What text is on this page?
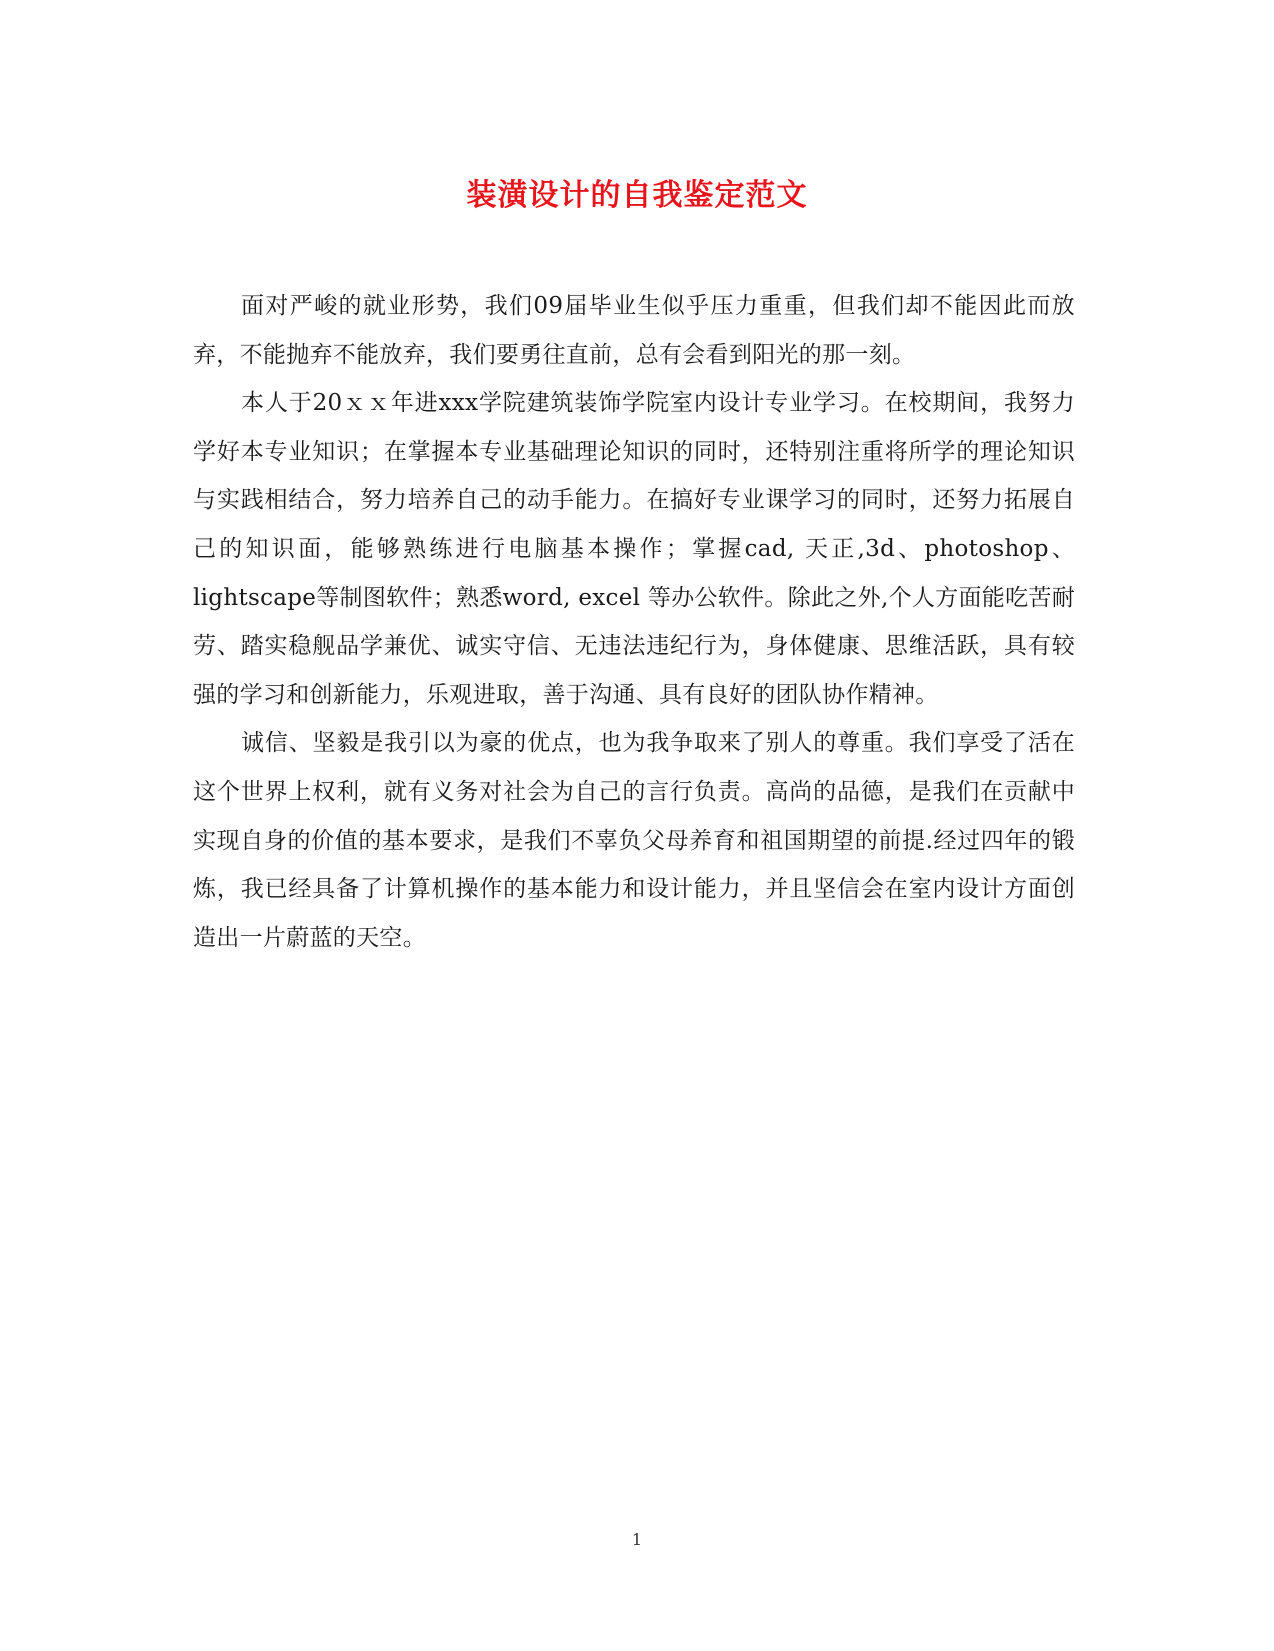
装潢设计的自我鉴定范文

面对严峻的就业形势，我们09届毕业生似乎压力重重，但我们却不能因此而放弃，不能抛弃不能放弃，我们要勇往直前，总有会看到阳光的那一刻。

本人于20ｘｘ年进xxx学院建筑装饰学院室内设计专业学习。在校期间，我努力学好本专业知识；在掌握本专业基础理论知识的同时，还特别注重将所学的理论知识与实践相结合，努力培养自己的动手能力。在搞好专业课学习的同时，还努力拓展自己的知识面，能够熟练进行电脑基本操作；掌握cad, 天正,3d、photoshop、lightscape等制图软件；熟悉word, excel 等办公软件。除此之外,个人方面能吃苦耐劳、踏实稳舰品学兼优、诚实守信、无违法违纪行为，身体健康、思维活跃，具有较强的学习和创新能力，乐观进取，善于沟通、具有良好的团队协作精神。

诚信、坚毅是我引以为豪的优点，也为我争取来了别人的尊重。我们享受了活在这个世界上权利，就有义务对社会为自己的言行负责。高尚的品德，是我们在贡献中实现自身的价值的基本要求，是我们不辜负父母养育和祖国期望的前提.经过四年的锻炼，我已经具备了计算机操作的基本能力和设计能力，并且坚信会在室内设计方面创造出一片蔚蓝的天空。

1
